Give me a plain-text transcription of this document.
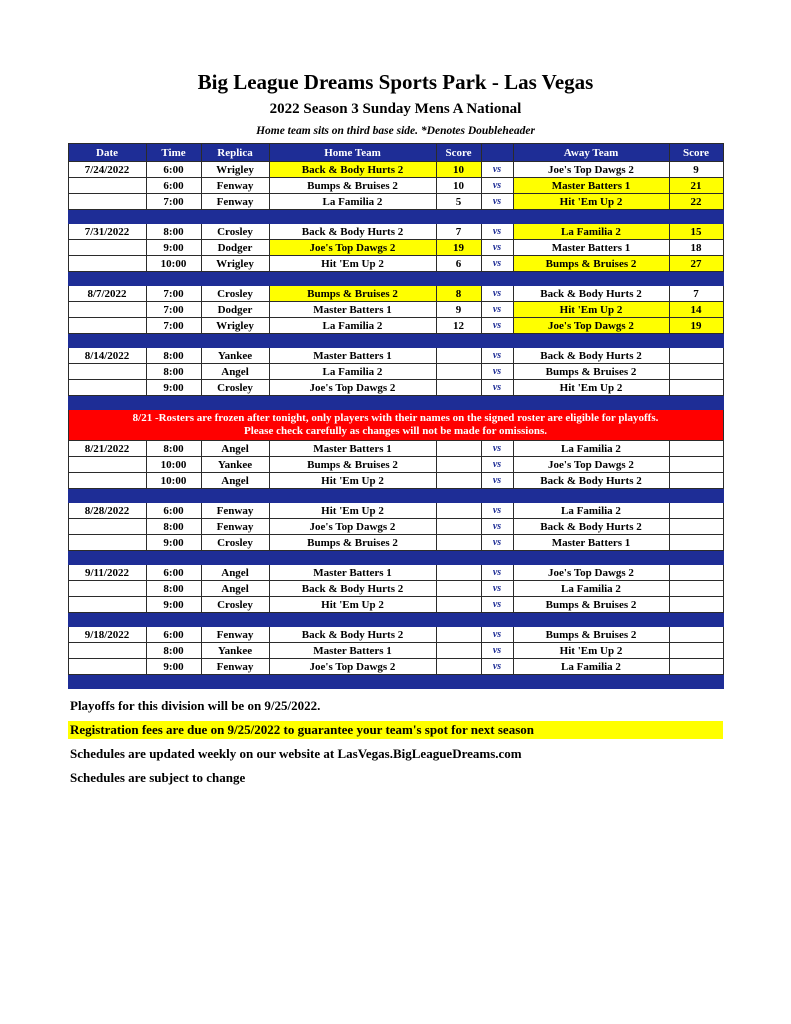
Big League Dreams Sports Park - Las Vegas
2022 Season 3 Sunday Mens A National
Home team sits on third base side. *Denotes Doubleheader
Date	Time	Replica	Home Team	Score		Away Team	Score
7/24/2022	6:00	Wrigley	Back & Body Hurts 2	10	vs	Joe's Top Dawgs 2	9
	6:00	Fenway	Bumps & Bruises 2	10	vs	Master Batters 1	21
	7:00	Fenway	La Familia 2	5	vs	Hit 'Em Up 2	22

7/31/2022	8:00	Crosley	Back & Body Hurts 2	7	vs	La Familia 2	15
	9:00	Dodger	Joe's Top Dawgs 2	19	vs	Master Batters 1	18
	10:00	Wrigley	Hit 'Em Up 2	6	vs	Bumps & Bruises 2	27

8/7/2022	7:00	Crosley	Bumps & Bruises 2	8	vs	Back & Body Hurts 2	7
	7:00	Dodger	Master Batters 1	9	vs	Hit 'Em Up 2	14
	7:00	Wrigley	La Familia 2	12	vs	Joe's Top Dawgs 2	19

8/14/2022	8:00	Yankee	Master Batters 1		vs	Back & Body Hurts 2	
	8:00	Angel	La Familia 2		vs	Bumps & Bruises 2	
	9:00	Crosley	Joe's Top Dawgs 2		vs	Hit 'Em Up 2	

8/21 -Rosters are frozen after tonight, only players with their names on the signed roster are eligible for playoffs.
Please check carefully as changes will not be made for omissions.							

8/21/2022	8:00	Angel	Master Batters 1		vs	La Familia 2	
	10:00	Yankee	Bumps & Bruises 2		vs	Joe's Top Dawgs 2	
	10:00	Angel	Hit 'Em Up 2		vs	Back & Body Hurts 2	

8/28/2022	6:00	Fenway	Hit 'Em Up 2		vs	La Familia 2	
	8:00	Fenway	Joe's Top Dawgs 2		vs	Back & Body Hurts 2	
	9:00	Crosley	Bumps & Bruises 2		vs	Master Batters 1	

9/11/2022	6:00	Angel	Master Batters 1		vs	Joe's Top Dawgs 2	
	8:00	Angel	Back & Body Hurts 2		vs	La Familia 2	
	9:00	Crosley	Hit 'Em Up 2		vs	Bumps & Bruises 2	

9/18/2022	6:00	Fenway	Back & Body Hurts 2		vs	Bumps & Bruises 2	
	8:00	Yankee	Master Batters 1		vs	Hit 'Em Up 2	
	9:00	Fenway	Joe's Top Dawgs 2		vs	La Familia 2	

Playoffs for this division will be on 9/25/2022.
Registration fees are due on 9/25/2022 to guarantee your team's spot for next season
Schedules are updated weekly on our website at LasVegas.BigLeagueDreams.com
Schedules are subject to change
